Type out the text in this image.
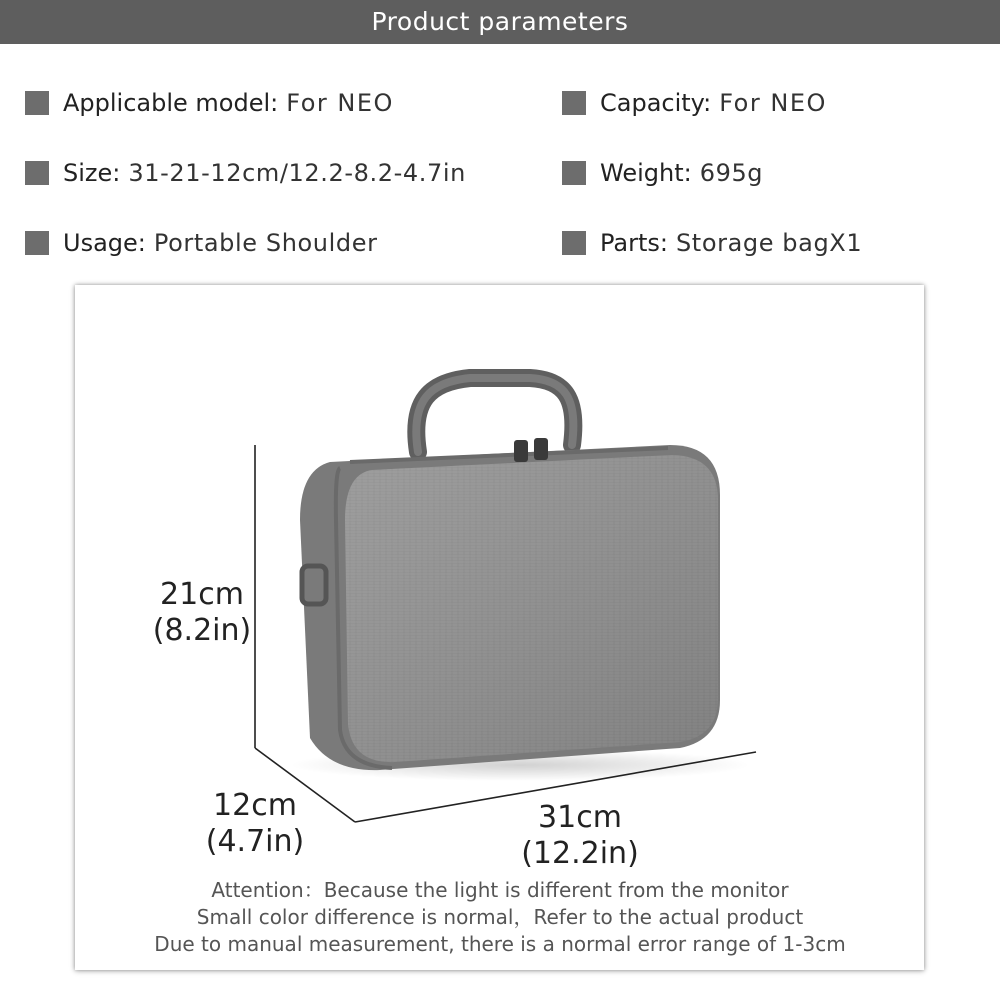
Product parameters
Applicable model: For NEO	Capacity: For NEO
Size: 31-21-12cm/12.2-8.2-4.7in	Weight: 695g
Usage: Portable Shoulder	Parts: Storage bagX1
21cm
(8.2in)
12cm
(4.7in)
31cm
(12.2in)
Attention：Because the light is different from the monitor
Small color difference is normal，Refer to the actual product
Due to manual measurement, there is a normal error range of 1-3cm
